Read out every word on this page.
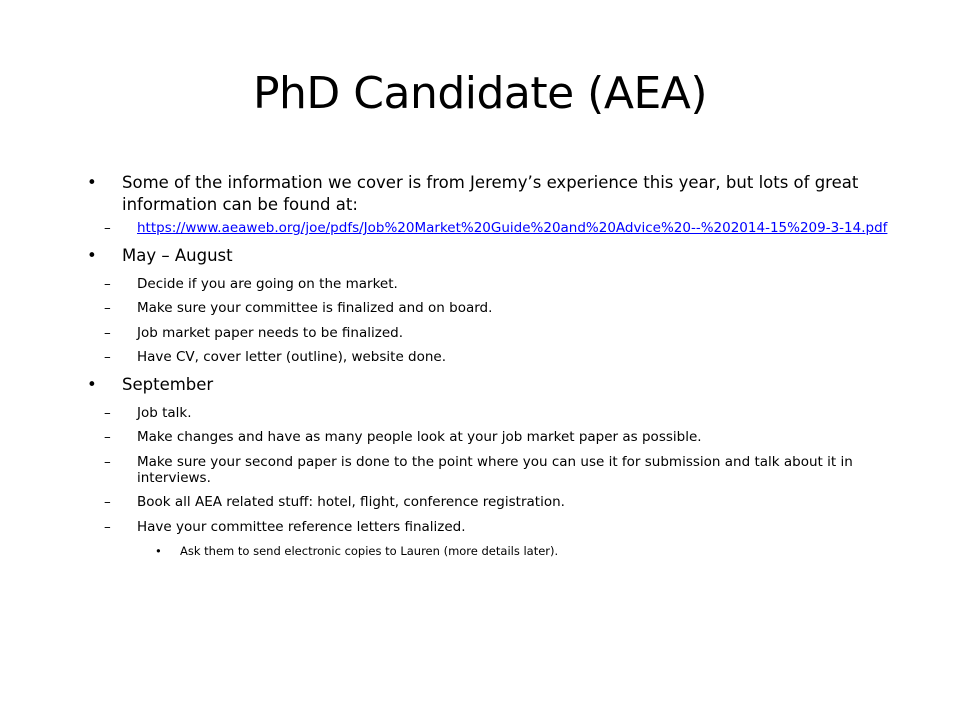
PhD Candidate (AEA)
• Some of the information we cover is from Jeremy’s experience this year, but lots of great information can be found at:
– https://www.aeaweb.org/joe/pdfs/Job%20Market%20Guide%20and%20Advice%20--%202014-15%209-3-14.pdf
• May – August
– Decide if you are going on the market.
– Make sure your committee is finalized and on board.
– Job market paper needs to be finalized.
– Have CV, cover letter (outline), website done.
• September
– Job talk.
– Make changes and have as many people look at your job market paper as possible.
– Make sure your second paper is done to the point where you can use it for submission and talk about it in interviews.
– Book all AEA related stuff: hotel, flight, conference registration.
– Have your committee reference letters finalized.
• Ask them to send electronic copies to Lauren (more details later).
